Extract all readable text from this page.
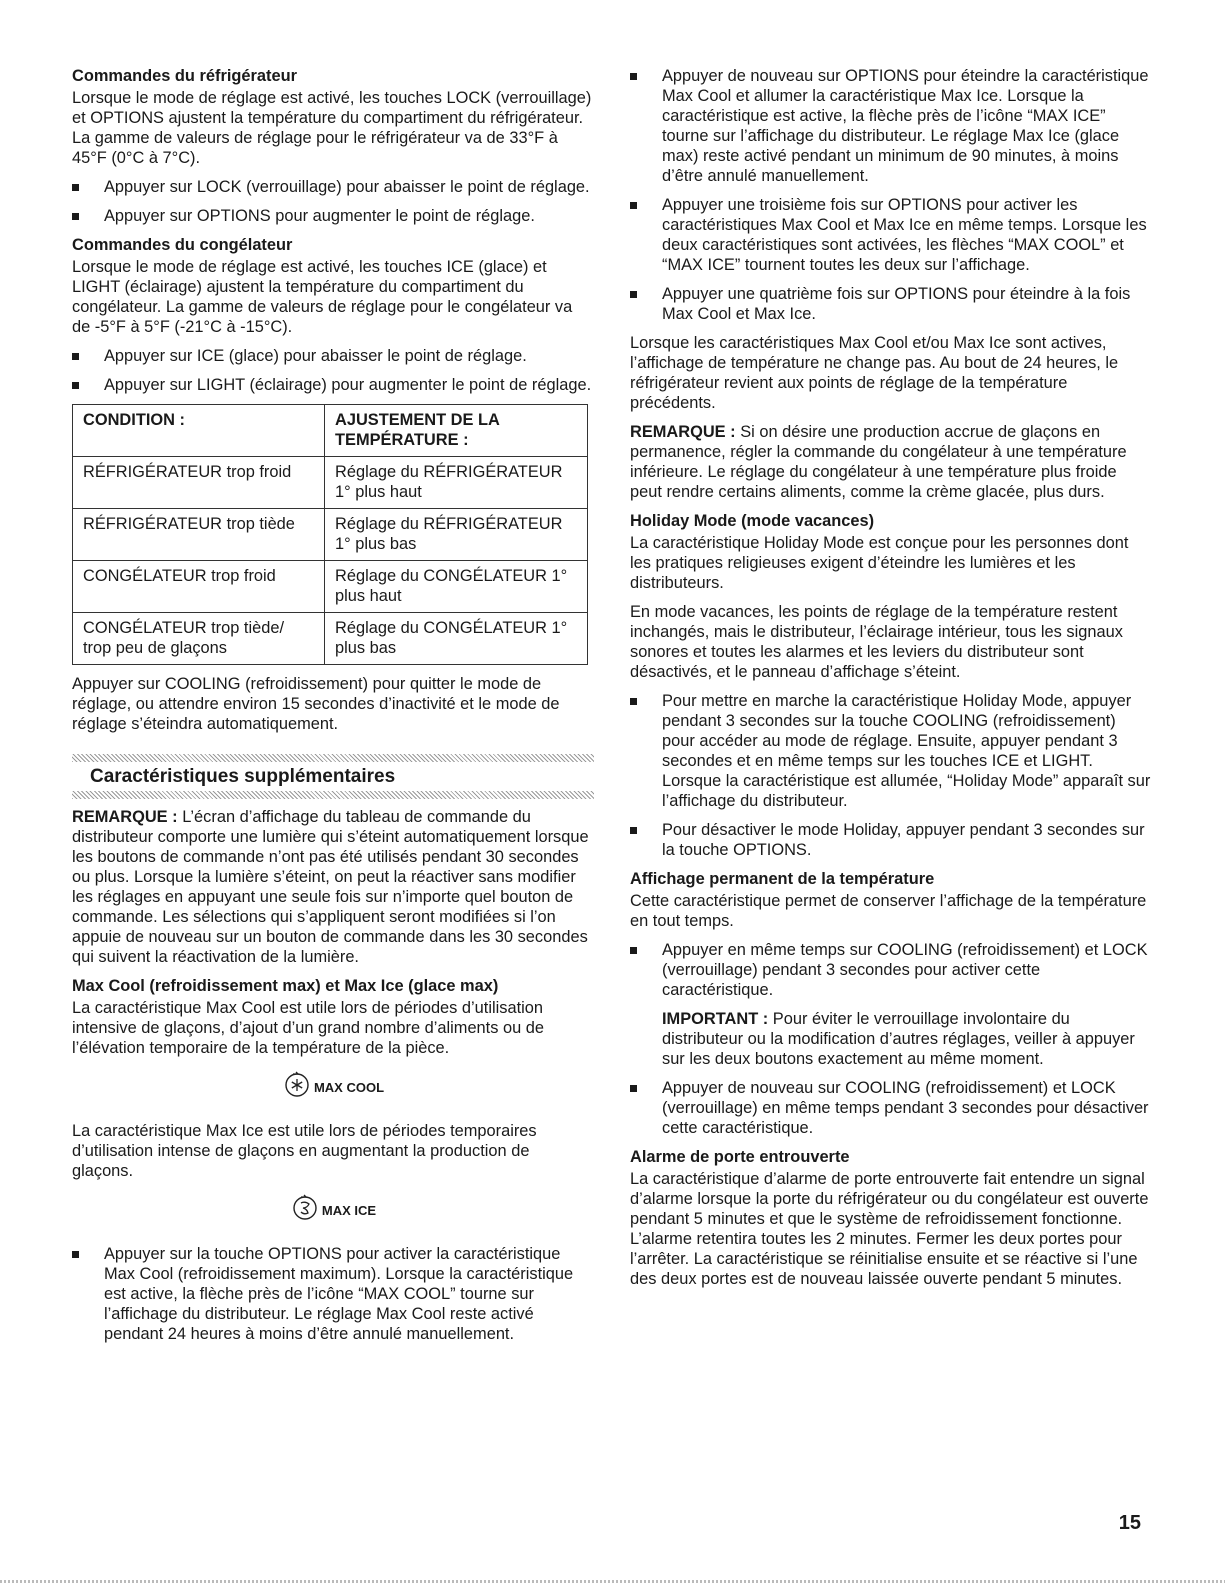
Commandes du réfrigérateur

Lorsque le mode de réglage est activé, les touches LOCK (verrouillage) et OPTIONS ajustent la température du compartiment du réfrigérateur. La gamme de valeurs de réglage pour le réfrigérateur va de 33°F à 45°F (0°C à 7°C).

Appuyer sur LOCK (verrouillage) pour abaisser le point de réglage.
Appuyer sur OPTIONS pour augmenter le point de réglage.
Commandes du congélateur

Lorsque le mode de réglage est activé, les touches ICE (glace) et LIGHT (éclairage) ajustent la température du compartiment du congélateur. La gamme de valeurs de réglage pour le congélateur va de -5°F à 5°F (-21°C à -15°C).

Appuyer sur ICE (glace) pour abaisser le point de réglage.
Appuyer sur LIGHT (éclairage) pour augmenter le point de réglage.
CONDITION :	AJUSTEMENT DE LA TEMPÉRATURE :
RÉFRIGÉRATEUR trop froid	Réglage du RÉFRIGÉRATEUR 1° plus haut
RÉFRIGÉRATEUR trop tiède	Réglage du RÉFRIGÉRATEUR 1° plus bas
CONGÉLATEUR trop froid	Réglage du CONGÉLATEUR 1° plus haut
CONGÉLATEUR trop tiède/ trop peu de glaçons	Réglage du CONGÉLATEUR 1° plus bas

Appuyer sur COOLING (refroidissement) pour quitter le mode de réglage, ou attendre environ 15 secondes d’inactivité et le mode de réglage s’éteindra automatiquement.

Caractéristiques supplémentaires

REMARQUE : L’écran d’affichage du tableau de commande du distributeur comporte une lumière qui s’éteint automatiquement lorsque les boutons de commande n’ont pas été utilisés pendant 30 secondes ou plus. Lorsque la lumière s’éteint, on peut la réactiver sans modifier les réglages en appuyant une seule fois sur n’importe quel bouton de commande. Les sélections qui s’appliquent seront modifiées si l’on appuie de nouveau sur un bouton de commande dans les 30 secondes qui suivent la réactivation de la lumière.

Max Cool (refroidissement max) et Max Ice (glace max)

La caractéristique Max Cool est utile lors de périodes d’utilisation intensive de glaçons, d’ajout d’un grand nombre d’aliments ou de l’élévation temporaire de la température de la pièce.

MAX COOL

La caractéristique Max Ice est utile lors de périodes temporaires d’utilisation intense de glaçons en augmentant la production de glaçons.

MAX ICE
Appuyer sur la touche OPTIONS pour activer la caractéristique Max Cool (refroidissement maximum). Lorsque la caractéristique est active, la flèche près de l’icône “MAX COOL” tourne sur l’affichage du distributeur. Le réglage Max Cool reste activé pendant 24 heures à moins d’être annulé manuellement.
Appuyer de nouveau sur OPTIONS pour éteindre la caractéristique Max Cool et allumer la caractéristique Max Ice. Lorsque la caractéristique est active, la flèche près de l’icône “MAX ICE” tourne sur l’affichage du distributeur. Le réglage Max Ice (glace max) reste activé pendant un minimum de 90 minutes, à moins d’être annulé manuellement.
Appuyer une troisième fois sur OPTIONS pour activer les caractéristiques Max Cool et Max Ice en même temps. Lorsque les deux caractéristiques sont activées, les flèches “MAX COOL” et “MAX ICE” tournent toutes les deux sur l’affichage.
Appuyer une quatrième fois sur OPTIONS pour éteindre à la fois Max Cool et Max Ice.

Lorsque les caractéristiques Max Cool et/ou Max Ice sont actives, l’affichage de température ne change pas. Au bout de 24 heures, le réfrigérateur revient aux points de réglage de la température précédents.

REMARQUE : Si on désire une production accrue de glaçons en permanence, régler la commande du congélateur à une température inférieure. Le réglage du congélateur à une température plus froide peut rendre certains aliments, comme la crème glacée, plus durs.

Holiday Mode (mode vacances)

La caractéristique Holiday Mode est conçue pour les personnes dont les pratiques religieuses exigent d’éteindre les lumières et les distributeurs.

En mode vacances, les points de réglage de la température restent inchangés, mais le distributeur, l’éclairage intérieur, tous les signaux sonores et toutes les alarmes et les leviers du distributeur sont désactivés, et le panneau d’affichage s’éteint.

Pour mettre en marche la caractéristique Holiday Mode, appuyer pendant 3 secondes sur la touche COOLING (refroidissement) pour accéder au mode de réglage. Ensuite, appuyer pendant 3 secondes et en même temps sur les touches ICE et LIGHT. Lorsque la caractéristique est allumée, “Holiday Mode” apparaît sur l’affichage du distributeur.
Pour désactiver le mode Holiday, appuyer pendant 3 secondes sur la touche OPTIONS.
Affichage permanent de la température

Cette caractéristique permet de conserver l’affichage de la température en tout temps.

Appuyer en même temps sur COOLING (refroidissement) et LOCK (verrouillage) pendant 3 secondes pour activer cette caractéristique.

IMPORTANT : Pour éviter le verrouillage involontaire du distributeur ou la modification d’autres réglages, veiller à appuyer sur les deux boutons exactement au même moment.

Appuyer de nouveau sur COOLING (refroidissement) et LOCK (verrouillage) en même temps pendant 3 secondes pour désactiver cette caractéristique.
Alarme de porte entrouverte

La caractéristique d’alarme de porte entrouverte fait entendre un signal d’alarme lorsque la porte du réfrigérateur ou du congélateur est ouverte pendant 5 minutes et que le système de refroidissement fonctionne. L’alarme retentira toutes les 2 minutes. Fermer les deux portes pour l’arrêter. La caractéristique se réinitialise ensuite et se réactive si l’une des deux portes est de nouveau laissée ouverte pendant 5 minutes.

15
